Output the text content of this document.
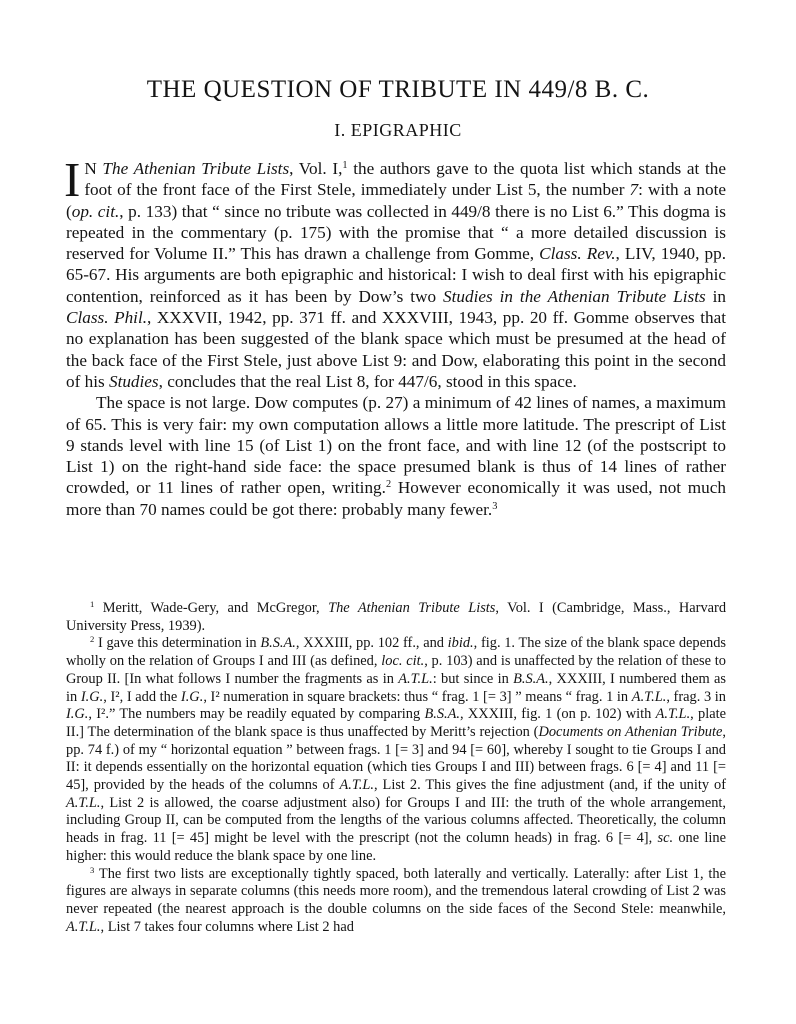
THE QUESTION OF TRIBUTE IN 449/8 B. C.
I. EPIGRAPHIC

I N The Athenian Tribute Lists, Vol. I,$^1$ the authors gave to the quota list which stands at the foot of the front face of the First Stele, immediately under List 5, the number 7: with a note (op. cit., p. 133) that “ since no tribute was collected in 449/8 there is no List 6.” This dogma is repeated in the commentary (p. 175) with the promise that “ a more detailed discussion is reserved for Volume II.” This has drawn a challenge from Gomme, Class. Rev., LIV, 1940, pp. 65-67. His arguments are both epigraphic and historical: I wish to deal first with his epigraphic contention, reinforced as it has been by Dow’s two Studies in the Athenian Tribute Lists in Class. Phil., XXXVII, 1942, pp. 371 ff. and XXXVIII, 1943, pp. 20 ff. Gomme observes that no explanation has been suggested of the blank space which must be presumed at the head of the back face of the First Stele, just above List 9: and Dow, elaborating this point in the second of his Studies, concludes that the real List 8, for 447/6, stood in this space.

The space is not large. Dow computes (p. 27) a minimum of 42 lines of names, a maximum of 65. This is very fair: my own computation allows a little more latitude. The prescript of List 9 stands level with line 15 (of List 1) on the front face, and with line 12 (of the postscript to List 1) on the right-hand side face: the space presumed blank is thus of 14 lines of rather crowded, or 11 lines of rather open, writing.$^2$ However economically it was used, not much more than 70 names could be got there: probably many fewer.$^3$

$^1$ Meritt, Wade-Gery, and McGregor, The Athenian Tribute Lists, Vol. I (Cambridge, Mass., Harvard University Press, 1939).

$^2$ I gave this determination in B.S.A., XXXIII, pp. 102 ff., and ibid., fig. 1. The size of the blank space depends wholly on the relation of Groups I and III (as defined, loc. cit., p. 103) and is unaffected by the relation of these to Group II. [In what follows I number the fragments as in A.T.L.: but since in B.S.A., XXXIII, I numbered them as in I.G., I², I add the I.G., I² numeration in square brackets: thus “ frag. 1 [= 3] ” means “ frag. 1 in A.T.L., frag. 3 in I.G., I².” The numbers may be readily equated by comparing B.S.A., XXXIII, fig. 1 (on p. 102) with A.T.L., plate II.] The determination of the blank space is thus unaffected by Meritt’s rejection (Documents on Athenian Tribute, pp. 74 f.) of my “ horizontal equation ” between frags. 1 [= 3] and 94 [= 60], whereby I sought to tie Groups I and II: it depends essentially on the horizontal equation (which ties Groups I and III) between frags. 6 [= 4] and 11 [= 45], provided by the heads of the columns of A.T.L., List 2. This gives the fine adjustment (and, if the unity of A.T.L., List 2 is allowed, the coarse adjustment also) for Groups I and III: the truth of the whole arrangement, including Group II, can be computed from the lengths of the various columns affected. Theoretically, the column heads in frag. 11 [= 45] might be level with the prescript (not the column heads) in frag. 6 [= 4], sc. one line higher: this would reduce the blank space by one line.

$^3$ The first two lists are exceptionally tightly spaced, both laterally and vertically. Laterally: after List 1, the figures are always in separate columns (this needs more room), and the tremendous lateral crowding of List 2 was never repeated (the nearest approach is the double columns on the side faces of the Second Stele: meanwhile, A.T.L., List 7 takes four columns where List 2 had
